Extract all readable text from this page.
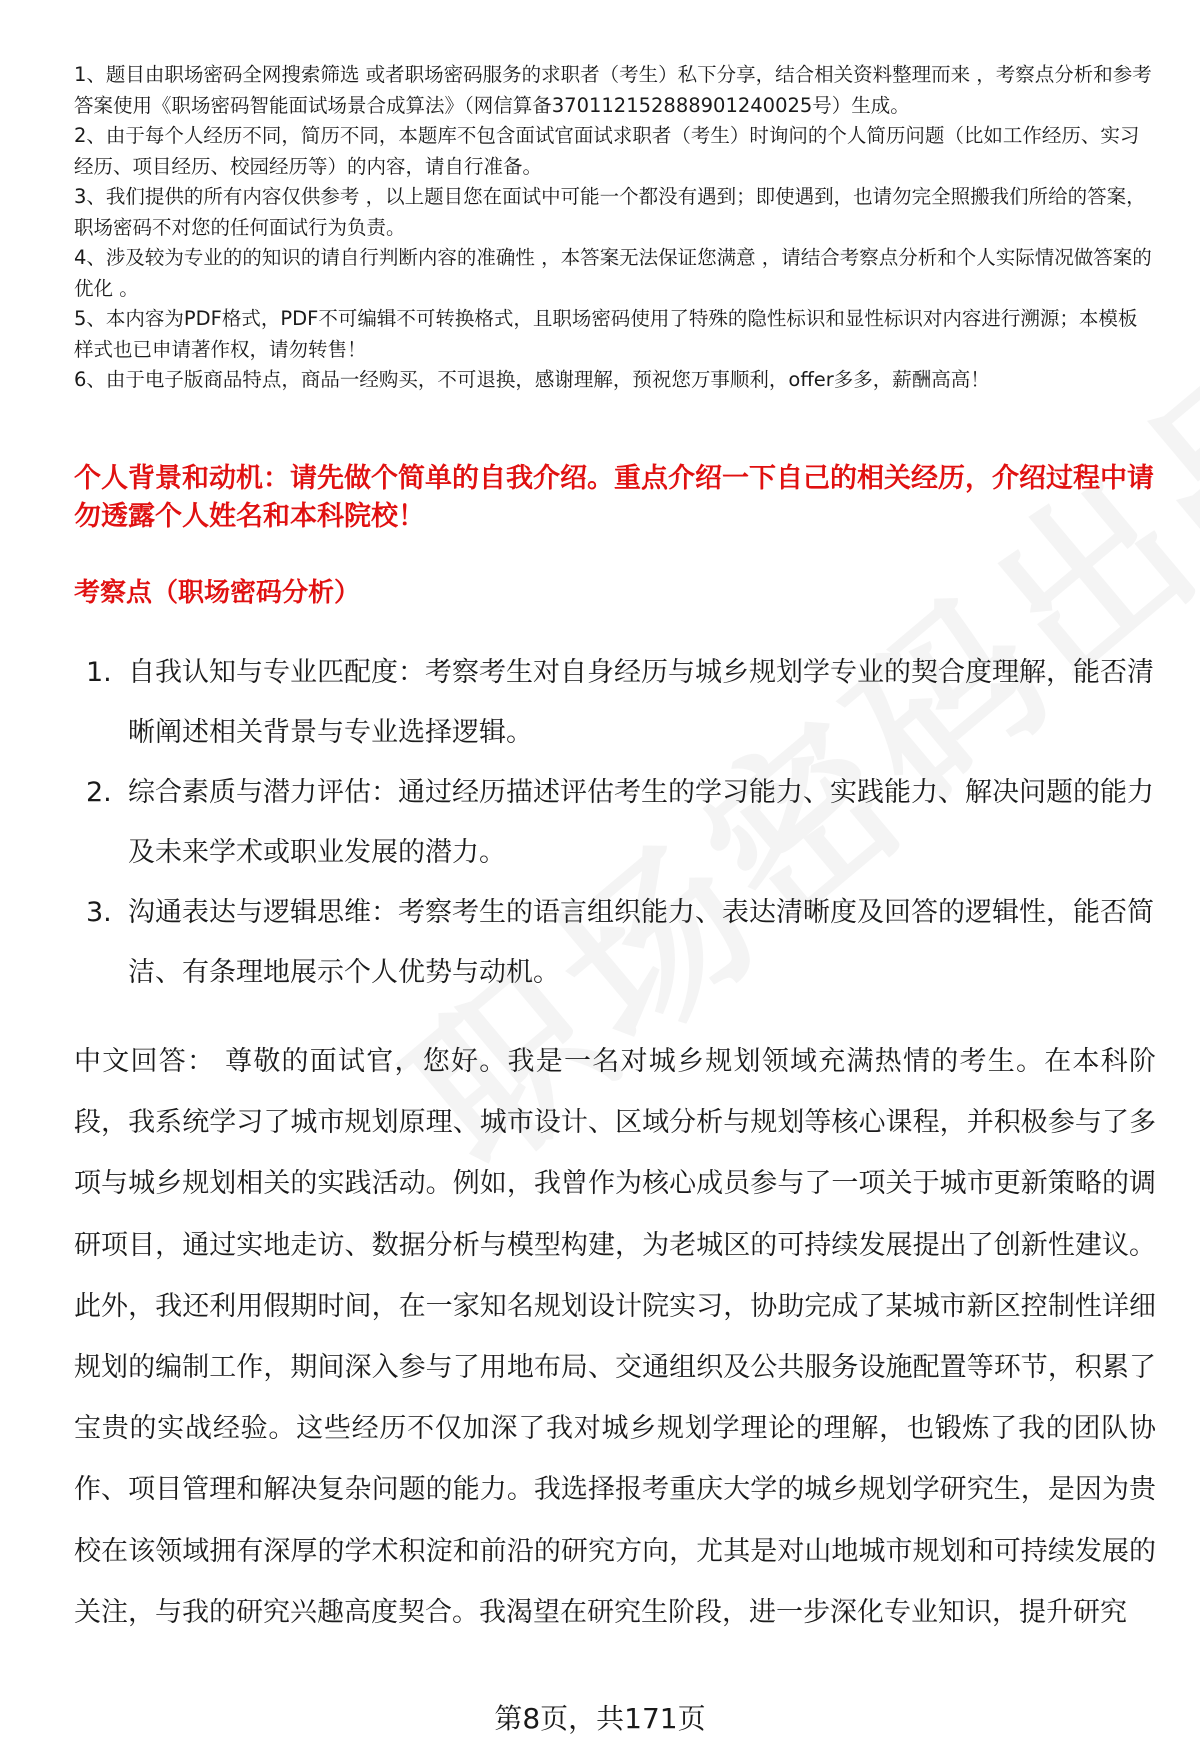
1、题目由职场密码全网搜索筛选 或者职场密码服务的求职者（考生）私下分享，结合相关资料整理而来 ，考察点分析和参考答案使用《职场密码智能面试场景合成算法》（网信算备370112152888901240025号）生成。

2、由于每个人经历不同，简历不同，本题库不包含面试官面试求职者（考生）时询问的个人简历问题（比如工作经历、实习经历、项目经历、校园经历等）的内容，请自行准备。

3、我们提供的所有内容仅供参考 ，以上题目您在面试中可能一个都没有遇到；即使遇到，也请勿完全照搬我们所给的答案，职场密码不对您的任何面试行为负责。

4、涉及较为专业的的知识的请自行判断内容的准确性 ，本答案无法保证您满意 ，请结合考察点分析和个人实际情况做答案的优化 。

5、本内容为PDF格式，PDF不可编辑不可转换格式，且职场密码使用了特殊的隐性标识和显性标识对内容进行溯源；本模板样式也已申请著作权，请勿转售！

6、由于电子版商品特点，商品一经购买，不可退换，感谢理解，预祝您万事顺利，offer多多，薪酬高高！

个人背景和动机：请先做个简单的自我介绍。重点介绍一下自己的相关经历，介绍过程中请勿透露个人姓名和本科院校！
考察点（职场密码分析）
1. 自我认知与专业匹配度：考察考生对自身经历与城乡规划学专业的契合度理解，能否清晰阐述相关背景与专业选择逻辑。
2. 综合素质与潜力评估：通过经历描述评估考生的学习能力、实践能力、解决问题的能力及未来学术或职业发展的潜力。
3. 沟通表达与逻辑思维：考察考生的语言组织能力、表达清晰度及回答的逻辑性，能否简洁、有条理地展示个人优势与动机。

中文回答： 尊敬的面试官，您好。我是一名对城乡规划领域充满热情的考生。在本科阶段，我系统学习了城市规划原理、城市设计、区域分析与规划等核心课程，并积极参与了多项与城乡规划相关的实践活动。例如，我曾作为核心成员参与了一项关于城市更新策略的调研项目，通过实地走访、数据分析与模型构建，为老城区的可持续发展提出了创新性建议。此外，我还利用假期时间，在一家知名规划设计院实习，协助完成了某城市新区控制性详细规划的编制工作，期间深入参与了用地布局、交通组织及公共服务设施配置等环节，积累了宝贵的实战经验。这些经历不仅加深了我对城乡规划学理论的理解，也锻炼了我的团队协作、项目管理和解决复杂问题的能力。我选择报考重庆大学的城乡规划学研究生，是因为贵校在该领域拥有深厚的学术积淀和前沿的研究方向，尤其是对山地城市规划和可持续发展的关注，与我的研究兴趣高度契合。我渴望在研究生阶段，进一步深化专业知识，提升研究

第8页，共171页
